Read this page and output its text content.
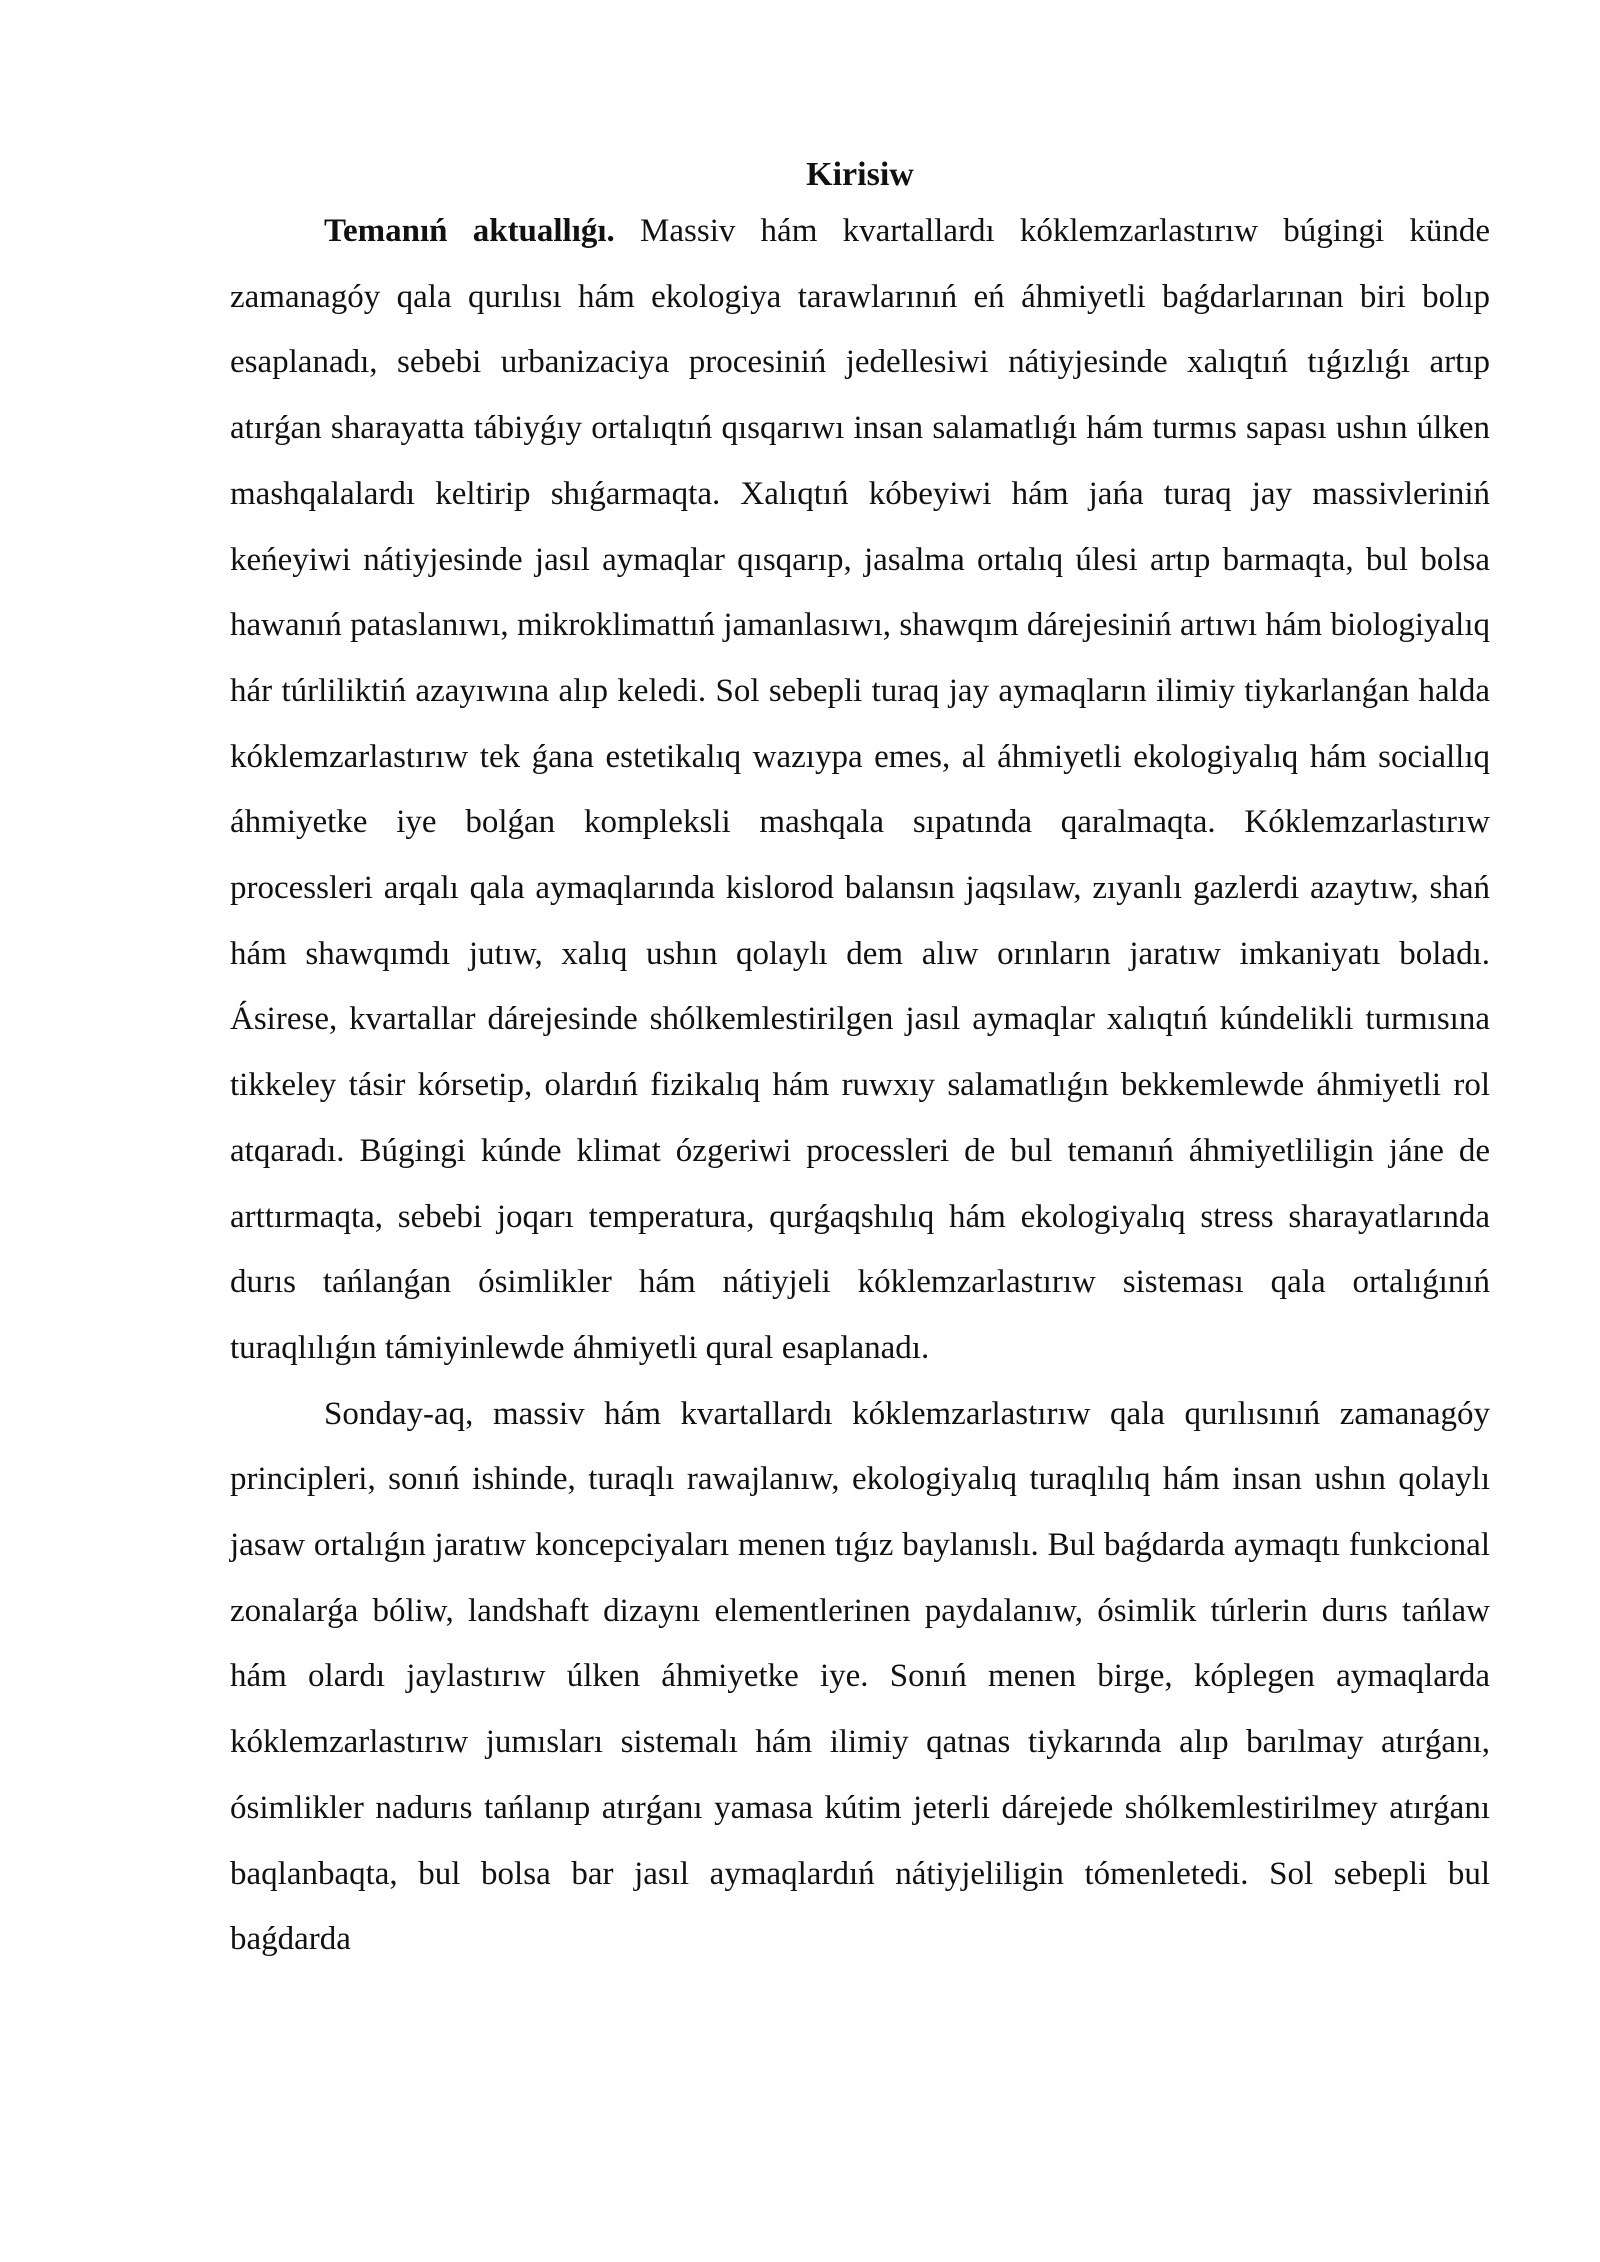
Kirisiw

Temanıń aktuallıǵı. Massiv hám kvartallardı kóklemzarlastırıw búgingi künde zamanagóy qala qurılısı hám ekologiya tarawlarınıń eń áhmiyetli baǵdarlarınan biri bolıp esaplanadı, sebebi urbanizaciya procesiniń jedellesiwi nátiyjesinde xalıqtıń tıǵızlıǵı artıp atırǵan sharayatta tábiyǵıy ortalıqtıń qısqarıwı insan salamatlıǵı hám turmıs sapası ushın úlken mashqalalardı keltirip shıǵarmaqta. Xalıqtıń kóbeyiwi hám jańa turaq jay massivleriniń keńeyiwi nátiyjesinde jasıl aymaqlar qısqarıp, jasalma ortalıq úlesi artıp barmaqta, bul bolsa hawanıń pataslanıwı, mikroklimattıń jamanlasıwı, shawqım dárejesiniń artıwı hám biologiyalıq hár túrliliktiń azayıwına alıp keledi. Sol sebepli turaq jay aymaqların ilimiy tiykarlanǵan halda kóklemzarlastırıw tek ǵana estetikalıq wazıypa emes, al áhmiyetli ekologiyalıq hám sociallıq áhmiyetke iye bolǵan kompleksli mashqala sıpatında qaralmaqta. Kóklemzarlastırıw processleri arqalı qala aymaqlarında kislorod balansın jaqsılaw, zıyanlı gazlerdi azaytıw, shań hám shawqımdı jutıw, xalıq ushın qolaylı dem alıw orınların jaratıw imkaniyatı boladı. Ásirese, kvartallar dárejesinde shólkemlestirilgen jasıl aymaqlar xalıqtıń kúndelikli turmısına tikkeley tásir kórsetip, olardıń fizikalıq hám ruwxıy salamatlıǵın bekkemlewde áhmiyetli rol atqaradı. Búgingi kúnde klimat ózgeriwi processleri de bul temanıń áhmiyetliligin jáne de arttırmaqta, sebebi joqarı temperatura, qurǵaqshılıq hám ekologiyalıq stress sharayatlarında durıs tańlanǵan ósimlikler hám nátiyjeli kóklemzarlastırıw sisteması qala ortalıǵınıń turaqlılıǵın támiyinlewde áhmiyetli qural esaplanadı.

Sonday-aq, massiv hám kvartallardı kóklemzarlastırıw qala qurılısınıń zamanagóy principleri, sonıń ishinde, turaqlı rawajlanıw, ekologiyalıq turaqlılıq hám insan ushın qolaylı jasaw ortalıǵın jaratıw koncepciyaları menen tıǵız baylanıslı. Bul baǵdarda aymaqtı funkcional zonalarǵa bóliw, landshaft dizaynı elementlerinen paydalanıw, ósimlik túrlerin durıs tańlaw hám olardı jaylastırıw úlken áhmiyetke iye. Sonıń menen birge, kóplegen aymaqlarda kóklemzarlastırıw jumısları sistemalı hám ilimiy qatnas tiykarında alıp barılmay atırǵanı, ósimlikler nadurıs tańlanıp atırǵanı yamasa kútim jeterli dárejede shólkemlestirilmey atırǵanı baqlanbaqta, bul bolsa bar jasıl aymaqlardıń nátiyjeliligin tómenletedi. Sol sebepli bul baǵdarda
